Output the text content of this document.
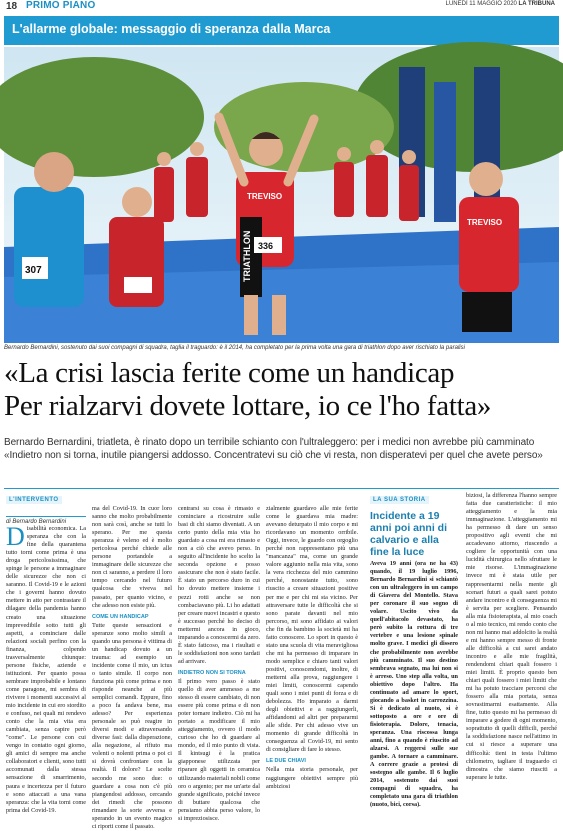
18 PRIMO PIANO	LUNEDÌ 11 MAGGIO 2020 LA TRIBUNA
L'allarme globale: messaggio di speranza dalla Marca
307	TRIATHLON
TREVISO
336
TREVISO
Bernardo Bernardini, sostenuto dai suoi compagni di squadra, taglia il traguardo: è il 2014, ha completato per la prima volta una gara di triathlon dopo aver rischiato la paralisi
«La crisi lascia ferite come un handicap
Per rialzarvi dovete lottare, io ce l'ho fatta»
Bernardo Bernardini, triatleta, è rinato dopo un terribile schianto con l'ultraleggero: per i medici non avrebbe più camminato
«Indietro non si torna, inutile piangersi addosso. Concentratevi su ciò che vi resta, non disperatevi per quel che avete perso»
L'INTERVENTO
di Bernardo Bernardini
D isabilità economica. La speranza che con la fine della quarantena tutto torni come prima è una droga pericolosissima, che spinge le persone a immaginare delle sicurezze che non ci saranno. Il Covid-19 e le azioni che i governi hanno dovuto mettere in atto per contrastare il dilagare della pandemia hanno creato una situazione imprevedibile sotto tutti gli aspetti, a cominciare dalle relazioni sociali perfino con la finanza, colpendo trasversalmente chiunque: persone fisiche, aziende e istituzioni. Per quanto possa sembrare improbabile e lontano come paragone, mi sembra di rivivere i momenti successivi al mio incidente in cui ero stordito e confuso, nei quali mi rendevo conto che la mia vita era cambiata, senza capire però "come". Le persone con cui vengo in contatto ogni giorno, gli amici di sempre ma anche collaboratori e clienti, sono tutti accomunati dalla stessa sensazione di smarrimento, paura e incertezza per il futuro e sono attaccati a una vana speranza: che la vita torni come prima del Covid-19.

ma del Covid-19. In cuor loro sanno che molto probabilmente non sarà così, anche se tutti lo sperano. Per me questa speranza è veleno ed è molto pericolosa perché chiede alle persone portandole a immaginare delle sicurezze che non ci saranno, a perdere il loro tempo cercando nel futuro qualcosa che viveva nel passato, per quanto vicino, e che adesso non esiste più.

COME UN HANDICAP

Tutte queste sensazioni e speranze sono molto simili a quando una persona è vittima di un handicap dovuto a un trauma: ad esempio un incidente come il mio, un ictus o tanto simile. Il corpo non funziona più come prima e non risponde neanche ai più semplici comandi. Eppure, fino a poco fa andava bene, ma adesso? Per esperienza personale so può reagire in diversi modi e attraversando diverse fasi: dalla disperazione, alla negazione, al rifiuto ma volenti o nolenti prima o poi ci si dovrà confrontare con la realtà. Il dolore? Le scelte secondo me sono due: o guardare a cosa non c'è più piangendosi addosso, cercando dei rimedi che possono rimandare la sorte avversa e sperando in un evento magico ci riporti come il passato.

centrarsi su cosa è rimasto e cominciare a ricostruire sulle basi di chi siamo diventati. A un certo punto della mia vita ho guardato a cosa mi era rimasto e non a ciò che avevo perso. In seguito all'incidente ho scelto la seconda opzione e posso assicurare che non è stato facile. È stato un percorso duro in cui ho dovuto mettere insieme i pezzi rotti anche se non combaciavano più. Li ho adattati per creare nuovi incastri e questo è successo perché ho deciso di mettermi ancora in gioco, imparando a conoscermi da zero. È stato faticoso, ma i risultati e le soddisfazioni non sono tardati ad arrivare.

INDIETRO NON SI TORNA

Il primo vero passo è stato quello di aver ammesso a me stesso di essere cambiato, di non essere più come prima e di non poter tornare indietro. Ciò mi ha portato a modificare il mio atteggiamento, ovvero il modo curioso che ho di guardare al mondo, ed il mio punto di vista. Il kintsugi è la pratica giapponese utilizzata per riparare gli oggetti in ceramica utilizzando materiali nobili come oro o argento; per me un'arte dal grande significato, poiché invece di buttare qualcosa che pensiamo abbia perso valore, lo si impreziosisce.

zialmente guardavo alle mie ferite come le guardava mia madre: avevano deturpato il mio corpo e mi ricordavano un momento orribile. Oggi, invece, le guardo con orgoglio perché non rappresentano più una "mancanza" ma, come un grande valore aggiunto nella mia vita, sono la vera ricchezza del mio cammino perché, nonostante tutto, sono riuscito a creare situazioni positive per me e per chi mi sta vicino. Per attraversare tutte le difficoltà che si sono parate davanti nel mio percorso, mi sono affidato ai valori che fin da bambino la società mi ha fatto conoscere. Lo sport in questo è stato una scuola di vita meravigliosa che mi ha permesso di imparare in modo semplice e chiaro tanti valori positivi, conoscendomi, inoltre, di metterni alla prova, raggiungere i miei limiti, conoscermi capendo quali sono i miei punti di forza e di debolezza. Ho imparato a darmi degli obiettivi e a raggiungerli, affidandomi ad altri per prepararmi alle sfide. Per chi adesso vive un momento di grande difficoltà in conseguenza al Covid-19, mi sento di consigliare di fare lo stesso.

LE DUE CHIAVI

Nella mia storia personale, per raggiungere obiettivi sempre più ambiziosi

LA SUA STORIA
Incidente a 19 anni poi anni di calvario e alla fine la luce

Aveva 19 anni (ora ne ha 43) quando, il 19 luglio 1996, Bernardo Bernardini si schiantò con un ultraleggero in un campo di Giavera del Montello. Stava per coronare il suo sogno di volare. Uscito vivo da quell'abitacolo devastato, ha però subito la rottura di tre vertebre e una lesione spinale molto grave. I medici gli dissero che probabilmente non avrebbe più camminato. Il suo destino sembrava segnato, ma lui non si è arreso. Uno step alla volta, un obiettivo dopo l'altro. Ha continuato ad amare lo sport, giocando a basket in carrozzina. Si è dedicato al nuoto, si è sottoposto a ore e ore di fisioterapia. Dolore, tenacia, speranza. Una riscossa lunga anni, fino a quando è riuscito ad alzarsi. A reggersi sulle sue gambe. A tornare a camminare. A correre grazie a protesi di sostegno alle gambe. Il 6 luglio 2014, sostenuto dai suoi compagni di squadra, ha completato una gara di triathlon (nuoto, bici, corsa).

biziosi, la differenza l'hanno sempre fatta due caratteristiche: il mio atteggiamento e la mia immaginazione. L'atteggiamento mi ha permesso di dare un senso propositivo agli eventi che mi accadevano attorno, riuscendo a cogliere le opportunità con una lucidità chirurgica nello sfruttare le mie risorse. L'immaginazione invece mi è stata utile per rappresentarmi nella mente gli scenari futuri a quali sarei potuto andare incontro e di conseguenza mi è servita per scegliere. Pensando alla mia fisioterapista, al mio coach o al mio tecnico, mi rendo conto che non mi hanno mai addolcito la realtà e mi hanno sempre messo di fronte alle difficoltà a cui sarei andato incontro e alle mie fragilità, rendendomi chiari quali fossero i miei limiti. È proprio questo ben chiari quali fossero i miei limiti che mi ha potuto tracciare percorsi che fossero alla mia portata, senza sovrastimarmi esattamente. Alla fine, tutto questo mi ha permesso di imparare a godere di ogni momento, soprattutto di quelli difficili, perché la soddisfazione nasce nell'attimo in cui si riesce a superare una difficoltà: tieni in testa l'ultimo chilometro, tagliare il traguardo ci dimostra che siamo riusciti a superare le tutte.
